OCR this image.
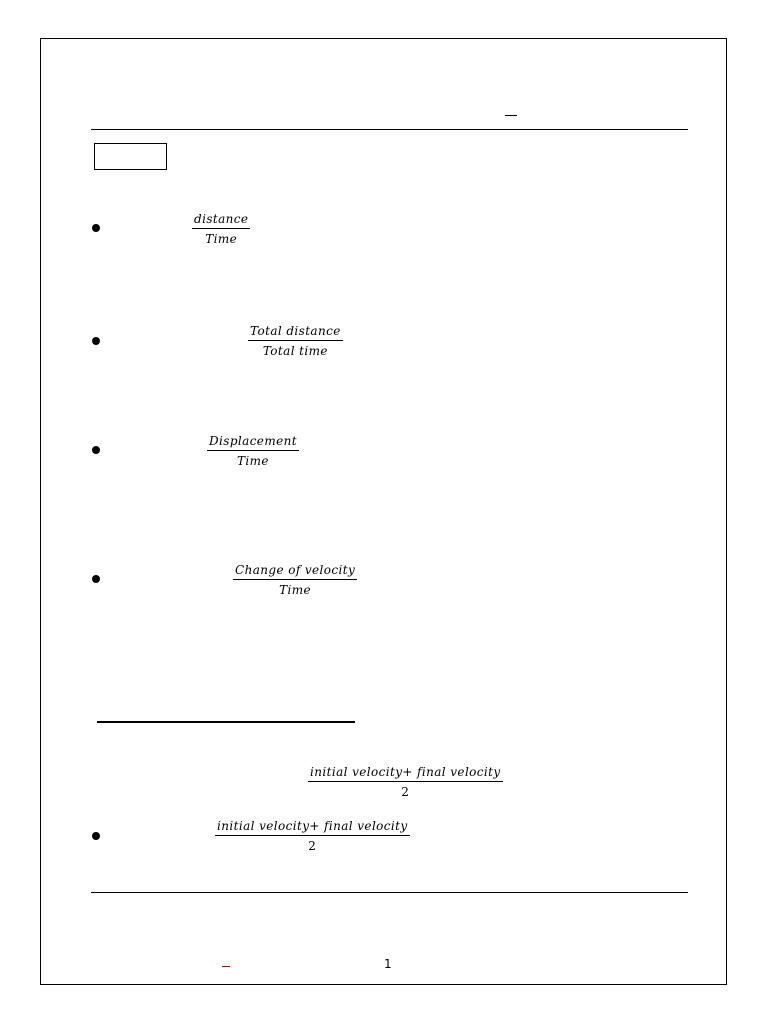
distance
Time
Total distance
Total time
Displacement
Time
Change of velocity
Time
initial velocity+ final velocity
2
initial velocity+ final velocity
2
1
